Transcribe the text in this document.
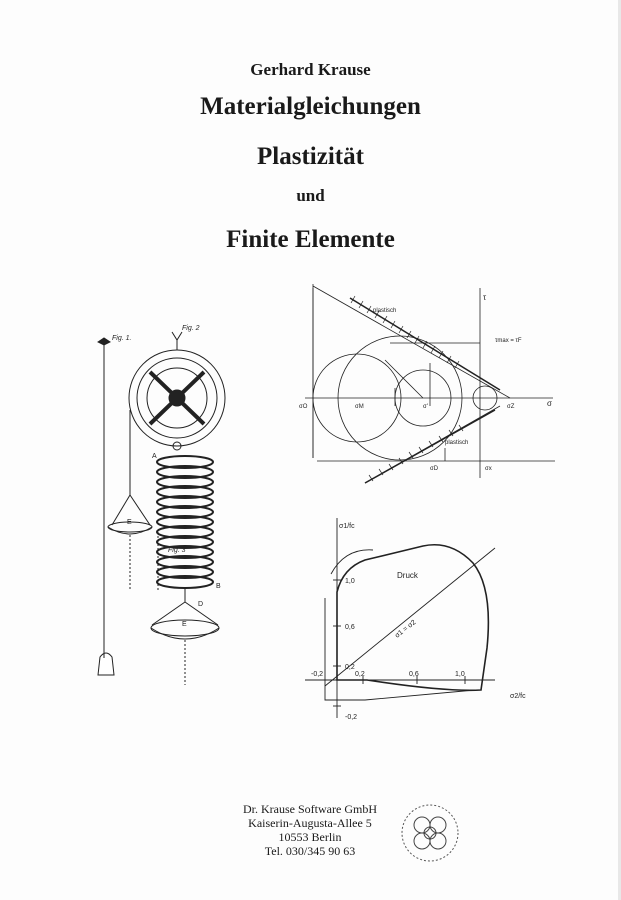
Gerhard Krause
Materialgleichungen
Plastizität
und
Finite Elemente
Fig. 1.
Fig. 2
Fig. 3
E
E
A
B
D
plastisch
plastisch
τ
σ
τmax = τF
σD
σM	σ'	σZ
σO
σx
σ1/fc
σ2/fc
Druck
σ1 = σ2
1,0
0,6
0,2
-0,2
-0,2	0,2	0,6	1,0
Dr. Krause Software GmbH
Kaiserin-Augusta-Allee 5
10553 Berlin
Tel. 030/345 90 63
